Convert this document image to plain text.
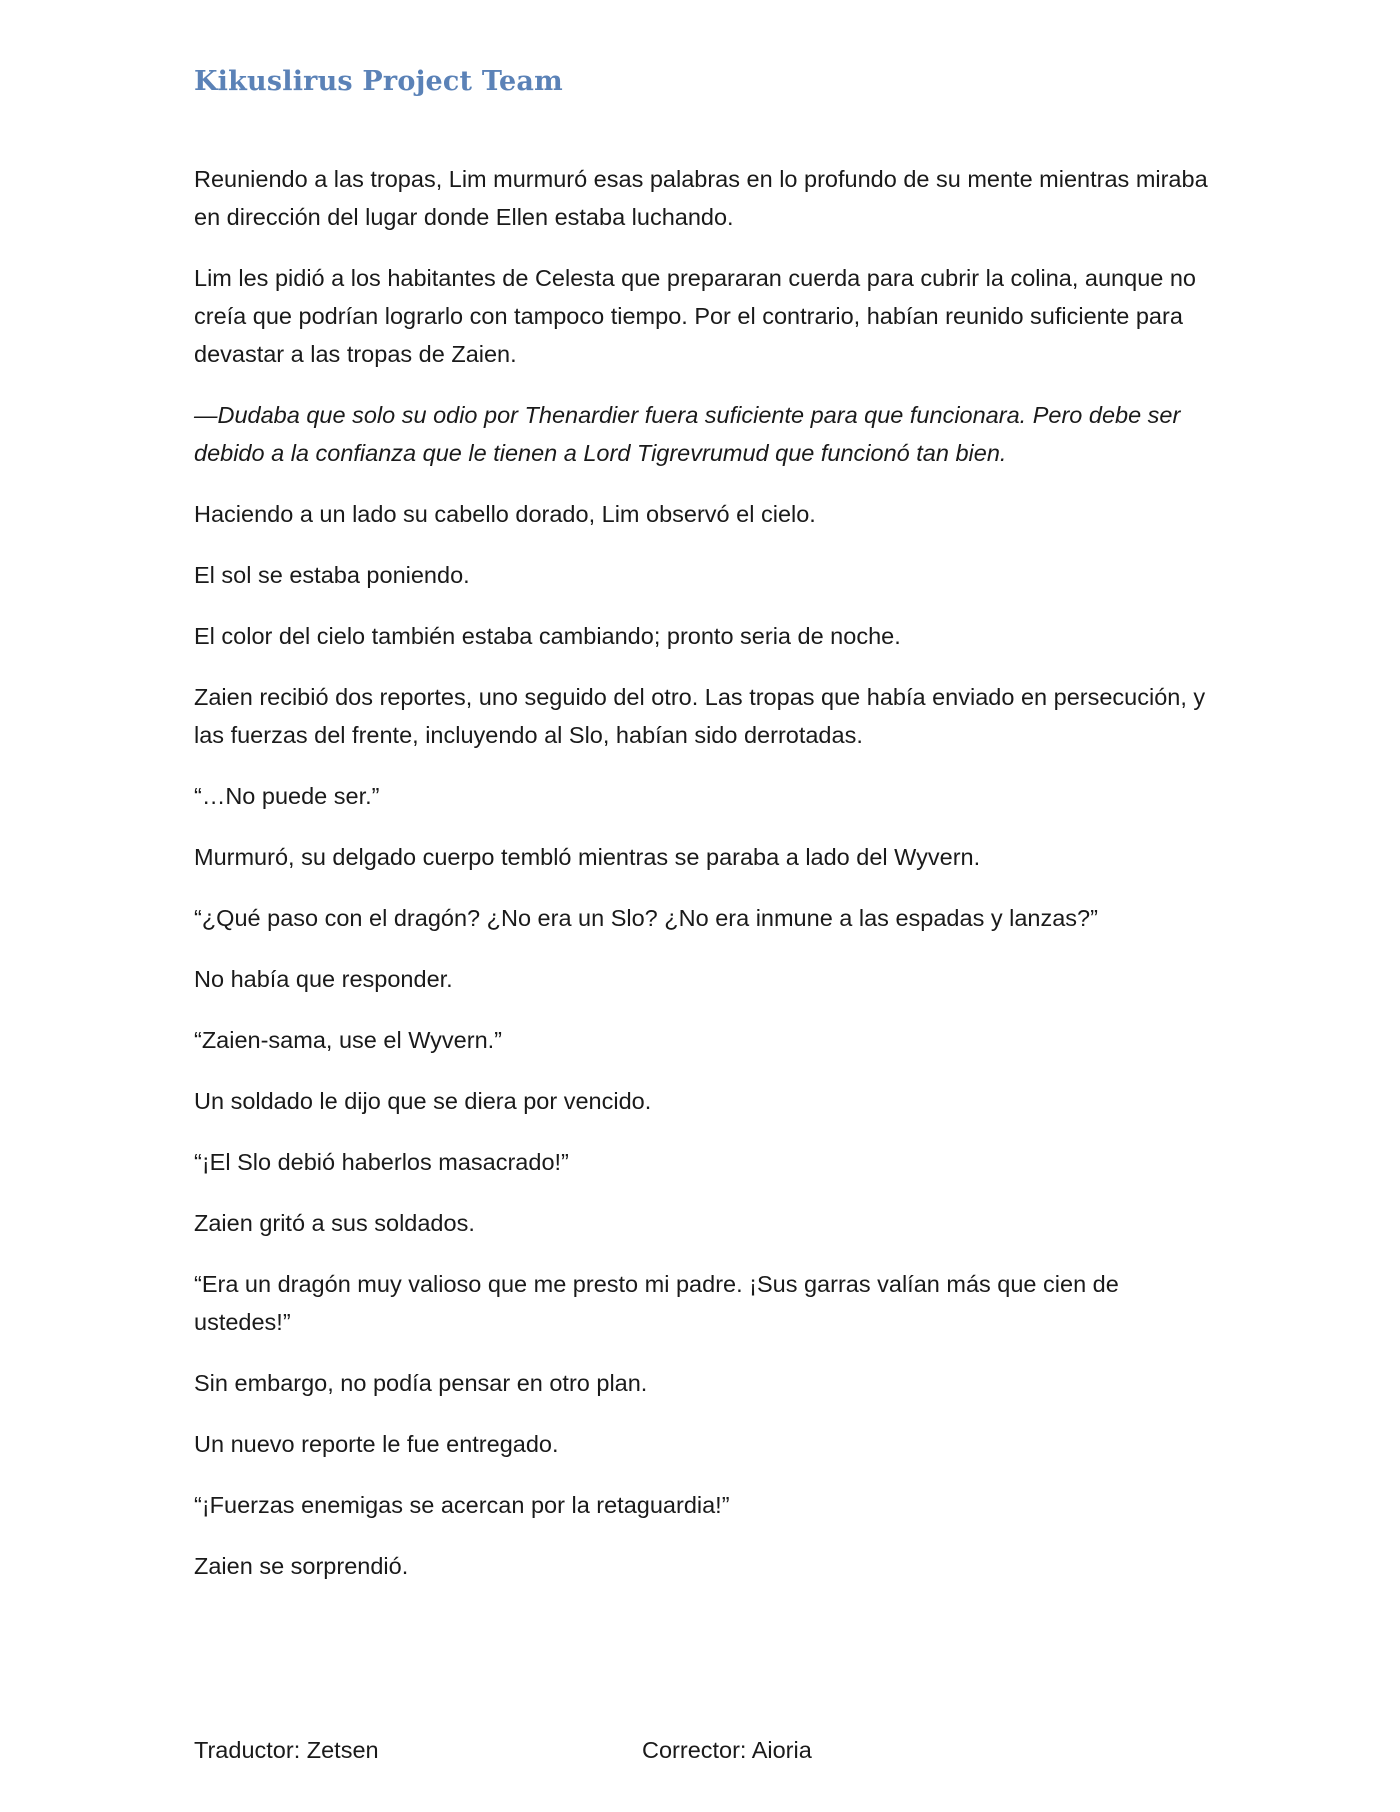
Kikuslirus Project Team

Reuniendo a las tropas, Lim murmuró esas palabras en lo profundo de su mente mientras miraba en dirección del lugar donde Ellen estaba luchando.

Lim les pidió a los habitantes de Celesta que prepararan cuerda para cubrir la colina, aunque no creía que podrían lograrlo con tampoco tiempo. Por el contrario, habían reunido suficiente para devastar a las tropas de Zaien.

—Dudaba que solo su odio por Thenardier fuera suficiente para que funcionara. Pero debe ser debido a la confianza que le tienen a Lord Tigrevrumud que funcionó tan bien.

Haciendo a un lado su cabello dorado, Lim observó el cielo.

El sol se estaba poniendo.

El color del cielo también estaba cambiando; pronto seria de noche.

Zaien recibió dos reportes, uno seguido del otro. Las tropas que había enviado en persecución, y las fuerzas del frente, incluyendo al Slo, habían sido derrotadas.

“…No puede ser.”

Murmuró, su delgado cuerpo tembló mientras se paraba a lado del Wyvern.

“¿Qué paso con el dragón? ¿No era un Slo? ¿No era inmune a las espadas y lanzas?”

No había que responder.

“Zaien-sama, use el Wyvern.”

Un soldado le dijo que se diera por vencido.

“¡El Slo debió haberlos masacrado!”

Zaien gritó a sus soldados.

“Era un dragón muy valioso que me presto mi padre. ¡Sus garras valían más que cien de ustedes!”

Sin embargo, no podía pensar en otro plan.

Un nuevo reporte le fue entregado.

“¡Fuerzas enemigas se acercan por la retaguardia!”

Zaien se sorprendió.

Traductor: Zetsen	Corrector: Aioria
